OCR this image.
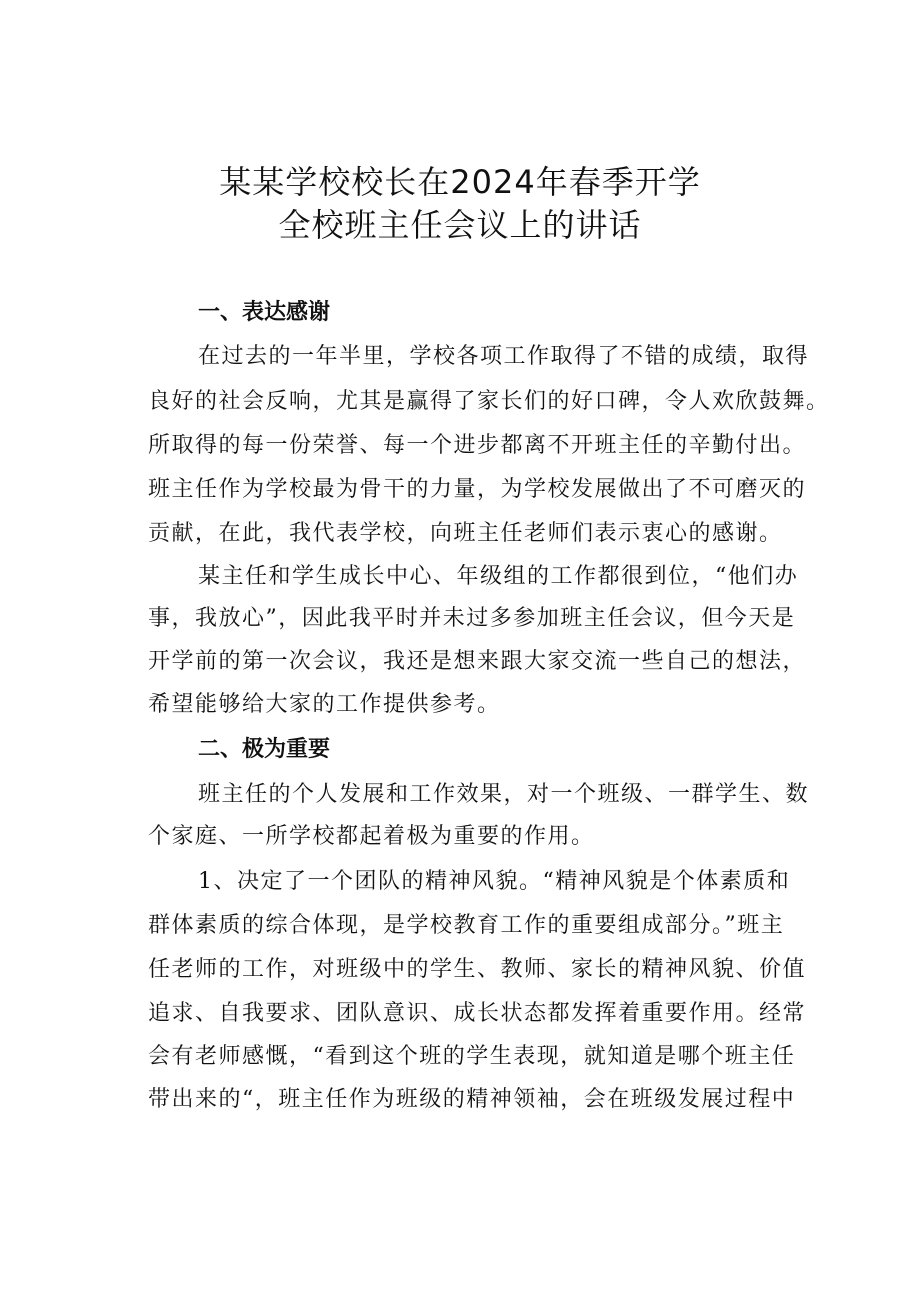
某某学校校长在2024年春季开学
全校班主任会议上的讲话
一、表达感谢

在过去的一年半里，学校各项工作取得了不错的成绩，取得

良好的社会反响，尤其是赢得了家长们的好口碑，令人欢欣鼓舞。

所取得的每一份荣誉、每一个进步都离不开班主任的辛勤付出。

班主任作为学校最为骨干的力量，为学校发展做出了不可磨灭的

贡献，在此，我代表学校，向班主任老师们表示衷心的感谢。

某主任和学生成长中心、年级组的工作都很到位，“他们办

事，我放心”，因此我平时并未过多参加班主任会议，但今天是

开学前的第一次会议，我还是想来跟大家交流一些自己的想法，

希望能够给大家的工作提供参考。

二、极为重要

班主任的个人发展和工作效果，对一个班级、一群学生、数

个家庭、一所学校都起着极为重要的作用。

1、决定了一个团队的精神风貌。“精神风貌是个体素质和

群体素质的综合体现，是学校教育工作的重要组成部分。”班主

任老师的工作，对班级中的学生、教师、家长的精神风貌、价值

追求、自我要求、团队意识、成长状态都发挥着重要作用。经常

会有老师感慨，“看到这个班的学生表现，就知道是哪个班主任

带出来的“，班主任作为班级的精神领袖，会在班级发展过程中
